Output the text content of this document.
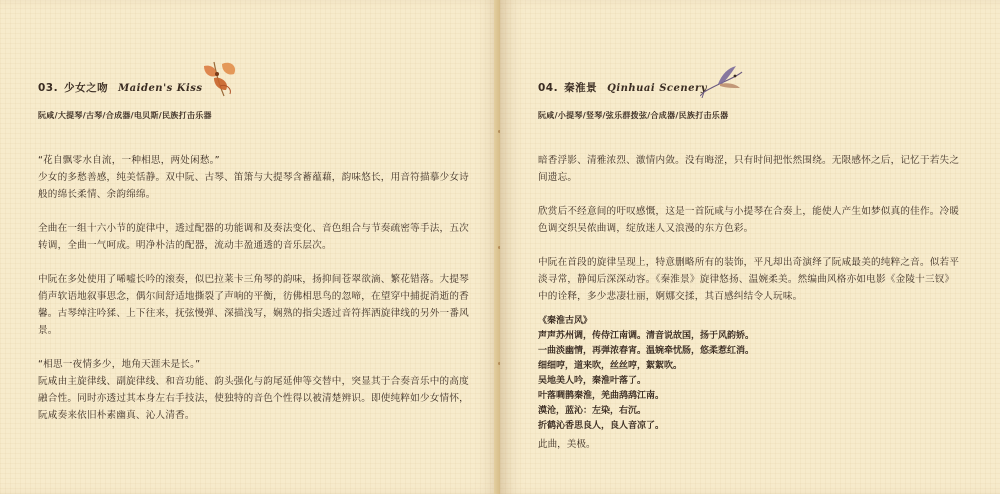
03. 少女之吻 Maiden's Kiss
阮咸/大提琴/古琴/合成器/电贝斯/民族打击乐器

“花自飘零水自流，一种相思，两处闲愁。”
少女的多愁善感，纯美恬静。双中阮、古琴、笛箫与大提琴含蓄蕴藉，韵味悠长，用音符描摹少女诗般的绵长柔情、余韵绵绵。

全曲在一组十六小节的旋律中，透过配器的功能调和及奏法变化、音色组合与节奏疏密等手法，五次转调，全曲一气呵成。明净朴洁的配器，流动丰盈通透的音乐层次。

中阮在多处使用了唏嘘长吟的滚奏，似巴拉莱卡三角琴的韵味，扬抑间苍翠欲滴、繁花错落。大提琴俏声软语地叙事思念，偶尔间舒适地撕裂了声响的平衡，彷佛相思鸟的忽啼，在望穿中捕捉消逝的香馨。古琴绰注吟猱、上下往来，抚弦慢弹、深描浅写，娴熟的指尖透过音符挥洒旋律线的另外一番风景。

“相思一夜情多少，地角天涯未是长。”
阮咸由主旋律线、副旋律线、和音功能、韵头强化与韵尾延伸等交替中，突显其于合奏音乐中的高度融合性。同时亦透过其本身左右手技法，使独特的音色个性得以被清楚辨识。即使纯粹如少女情怀，阮咸奏来依旧朴素幽真、沁人清香。

04. 秦淮景 Qinhuai Scenery
阮咸/小提琴/竖琴/弦乐群拨弦/合成器/民族打击乐器

暗香浮影、清雅浓烈、激情内敛。没有晦涩，只有时间把怅然围绕。无限感怀之后，记忆于若失之间遗忘。

欣赏后不经意间的吁叹感慨，这是一首阮咸与小提琴在合奏上，能使人产生如梦似真的佳作。冷暖色调交织吴侬曲调，绽放迷人又浪漫的东方色彩。

中阮在首段的旋律呈现上，特意删略所有的装饰，平凡却出奇演绎了阮咸最美的纯粹之音。似若平淡寻常，静闻后深深动容。《秦淮景》旋律悠扬、温婉柔美。然编曲风格亦如电影《金陵十三钗》中的诠释，多少悲凄壮丽，婀娜交揉，其百感纠结令人玩味。

《秦淮古风》
声声苏州调，传侍江南调。清音说故国，扬于风韵娇。
一曲淡幽情，再弹浓春宵。温婉牵忧肠，悠柔惹红消。
细细哼，道来吹，丝丝哼，絮絮吹。
吴地美人吟，秦淮叶落了。
叶落啁鹊秦淮，羌曲鸹鸹江南。
漠沧，蓝沁：左染，右沉。
折鹤沁香思良人，良人音凉了。
此曲，美极。
